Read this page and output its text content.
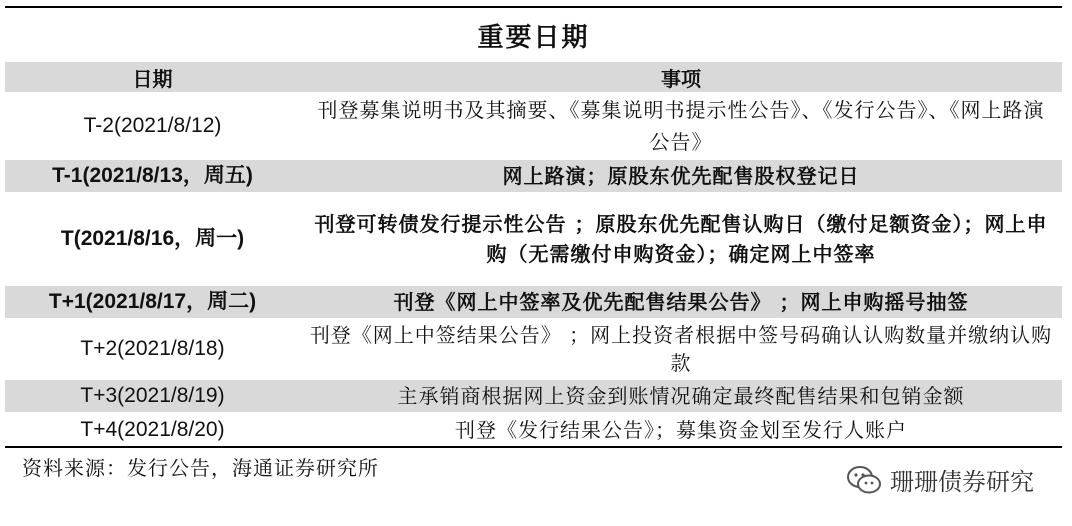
重要日期
日期	事项
T-2(2021/8/12)	刊登募集说明书及其摘要、《募集说明书提示性公告》、《发行公告》、《网上路演公告》
T-1(2021/8/13，周五)	网上路演；原股东优先配售股权登记日
T(2021/8/16，周一)	刊登可转债发行提示性公告 ；原股东优先配售认购日（缴付足额资金）；网上申购（无需缴付申购资金）；确定网上中签率
T+1(2021/8/17，周二)	刊登《网上中签率及优先配售结果公告》 ；网上申购摇号抽签
T+2(2021/8/18)	刊登《网上中签结果公告》 ；网上投资者根据中签号码确认认购数量并缴纳认购款
T+3(2021/8/19)	主承销商根据网上资金到账情况确定最终配售结果和包销金额
T+4(2021/8/20)	刊登《发行结果公告》；募集资金划至发行人账户
资料来源：发行公告，海通证券研究所	珊珊债券研究
